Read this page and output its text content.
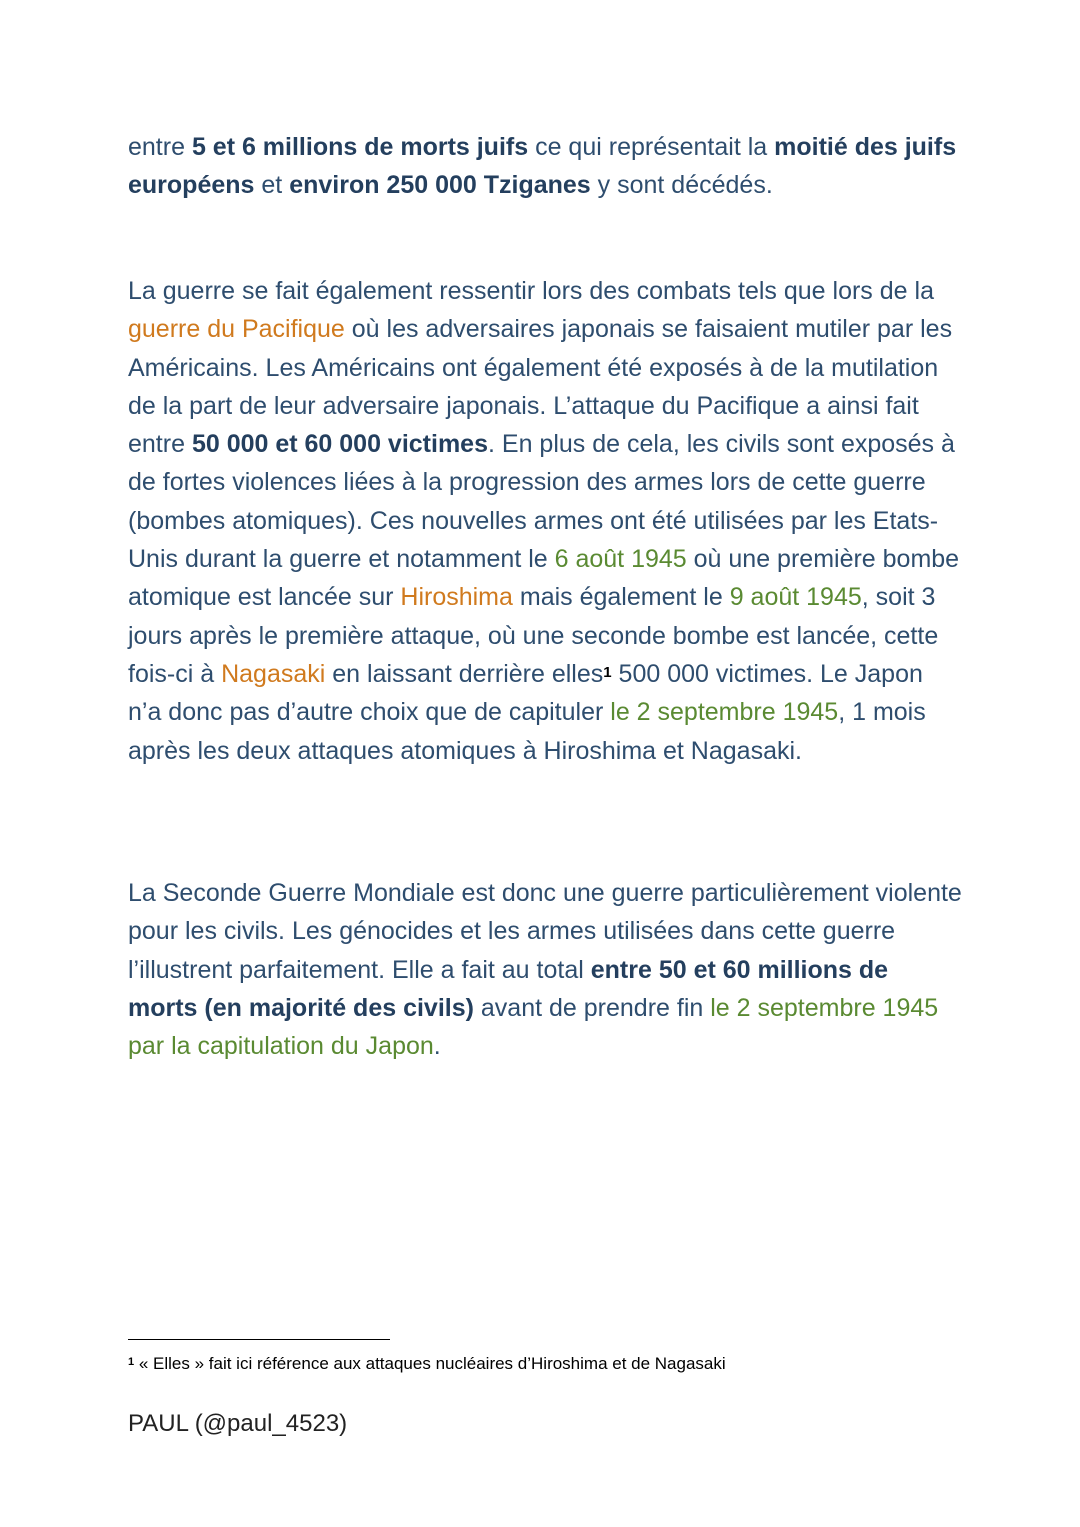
entre 5 et 6 millions de morts juifs ce qui représentait la moitié des juifs européens et environ 250 000 Tziganes y sont décédés.

La guerre se fait également ressentir lors des combats tels que lors de la guerre du Pacifique où les adversaires japonais se faisaient mutiler par les Américains. Les Américains ont également été exposés à de la mutilation de la part de leur adversaire japonais. L’attaque du Pacifique a ainsi fait entre 50 000 et 60 000 victimes. En plus de cela, les civils sont exposés à de fortes violences liées à la progression des armes lors de cette guerre (bombes atomiques). Ces nouvelles armes ont été utilisées par les Etats-Unis durant la guerre et notamment le 6 août 1945 où une première bombe atomique est lancée sur Hiroshima mais également le 9 août 1945, soit 3 jours après le première attaque, où une seconde bombe est lancée, cette fois-ci à Nagasaki en laissant derrière elles$^1$ 500 000 victimes. Le Japon n’a donc pas d’autre choix que de capituler le 2 septembre 1945, 1 mois après les deux attaques atomiques à Hiroshima et Nagasaki.

La Seconde Guerre Mondiale est donc une guerre particulièrement violente pour les civils. Les génocides et les armes utilisées dans cette guerre l’illustrent parfaitement. Elle a fait au total entre 50 et 60 millions de morts (en majorité des civils) avant de prendre fin le 2 septembre 1945 par la capitulation du Japon.

$^1$ « Elles » fait ici référence aux attaques nucléaires d’Hiroshima et de Nagasaki

PAUL (@paul_4523)
